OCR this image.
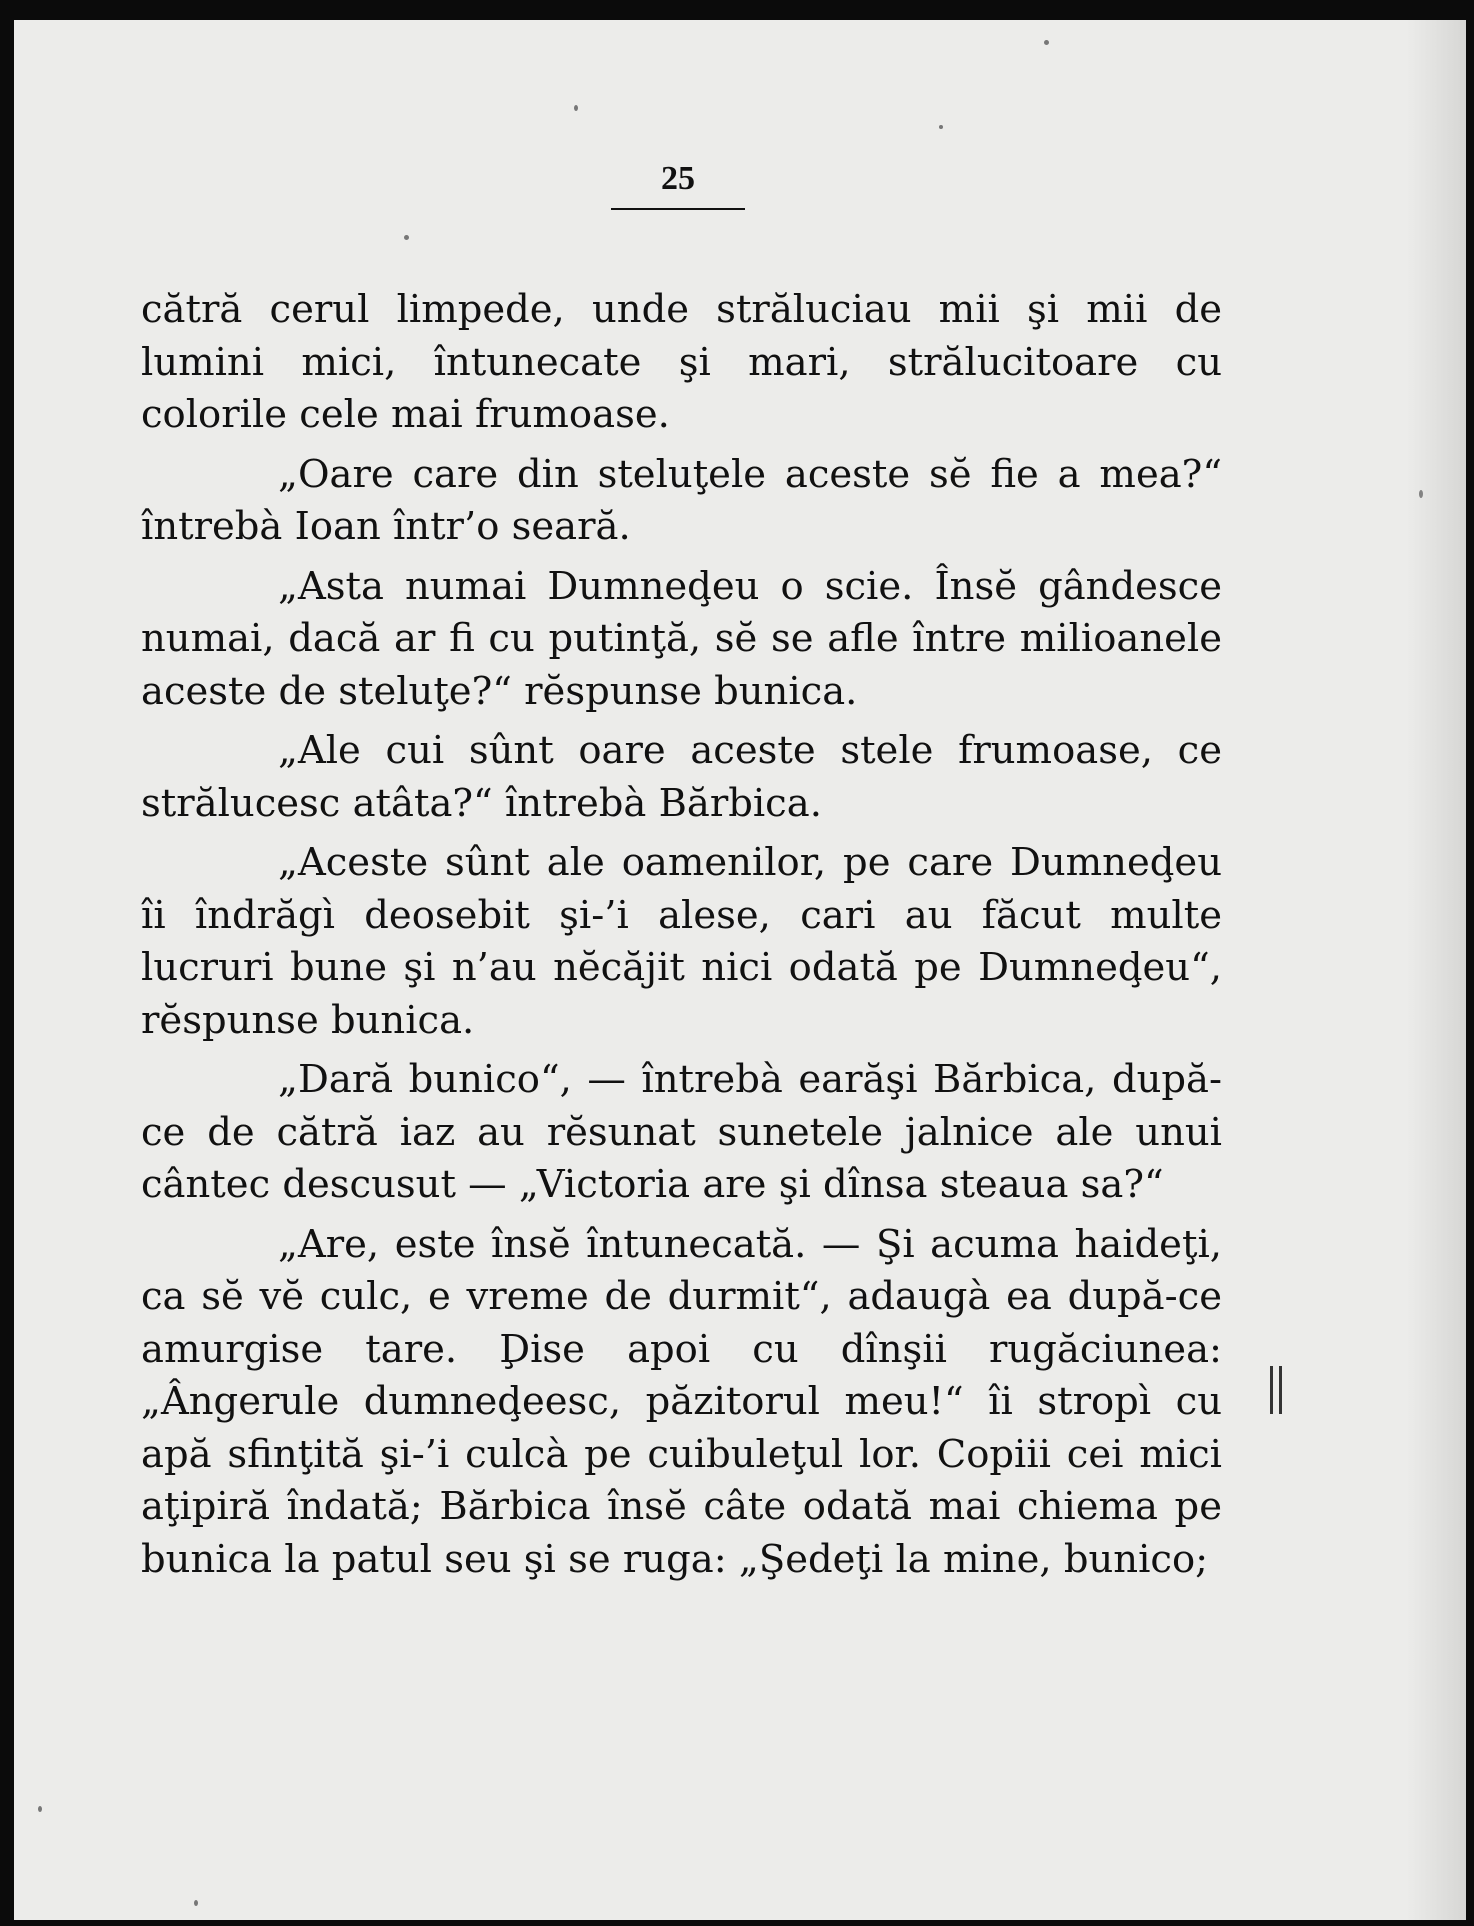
25

cătră cerul limpede, unde străluciau mii şi mii de lumini mici, întunecate şi mari, strălucitoare cu colorile cele mai frumoase.

„Oare care din steluţele aceste sĕ fie a mea?“ întrebà Ioan într’o seară.

„Asta numai Dumneḑeu o scie. Însĕ gândesce numai, dacă ar fi cu putinţă, sĕ se afle între milioanele aceste de steluţe?“ rĕspunse bunica.

„Ale cui sûnt oare aceste stele frumoase, ce strălucesc atâta?“ întrebà Bărbica.

„Aceste sûnt ale oamenilor, pe care Dumneḑeu îi îndrăgì deosebit şi-’i alese, cari au făcut multe lucruri bune şi n’au nĕcăjit nici odată pe Dumneḑeu“, rĕspunse bunica.

„Dară bunico“, — întrebà earăşi Bărbica, după-ce de cătră iaz au rĕsunat sunetele jalnice ale unui cântec descusut — „Victoria are şi dînsa steaua sa?“

„Are, este însĕ întunecată. — Şi acuma haideţi, ca sĕ vĕ culc, e vreme de durmit“, adaugà ea după-ce amurgise tare. Ḑise apoi cu dînşii rugăciunea: „Ângerule dumneḑeesc, păzitorul meu!“ îi stropì cu apă sfinţită şi-’i culcà pe cuibuleţul lor. Copiii cei mici aţipiră îndată; Bărbica însĕ câte odată mai chiema pe bunica la patul seu şi se ruga: „Şedeţi la mine, bunico;
